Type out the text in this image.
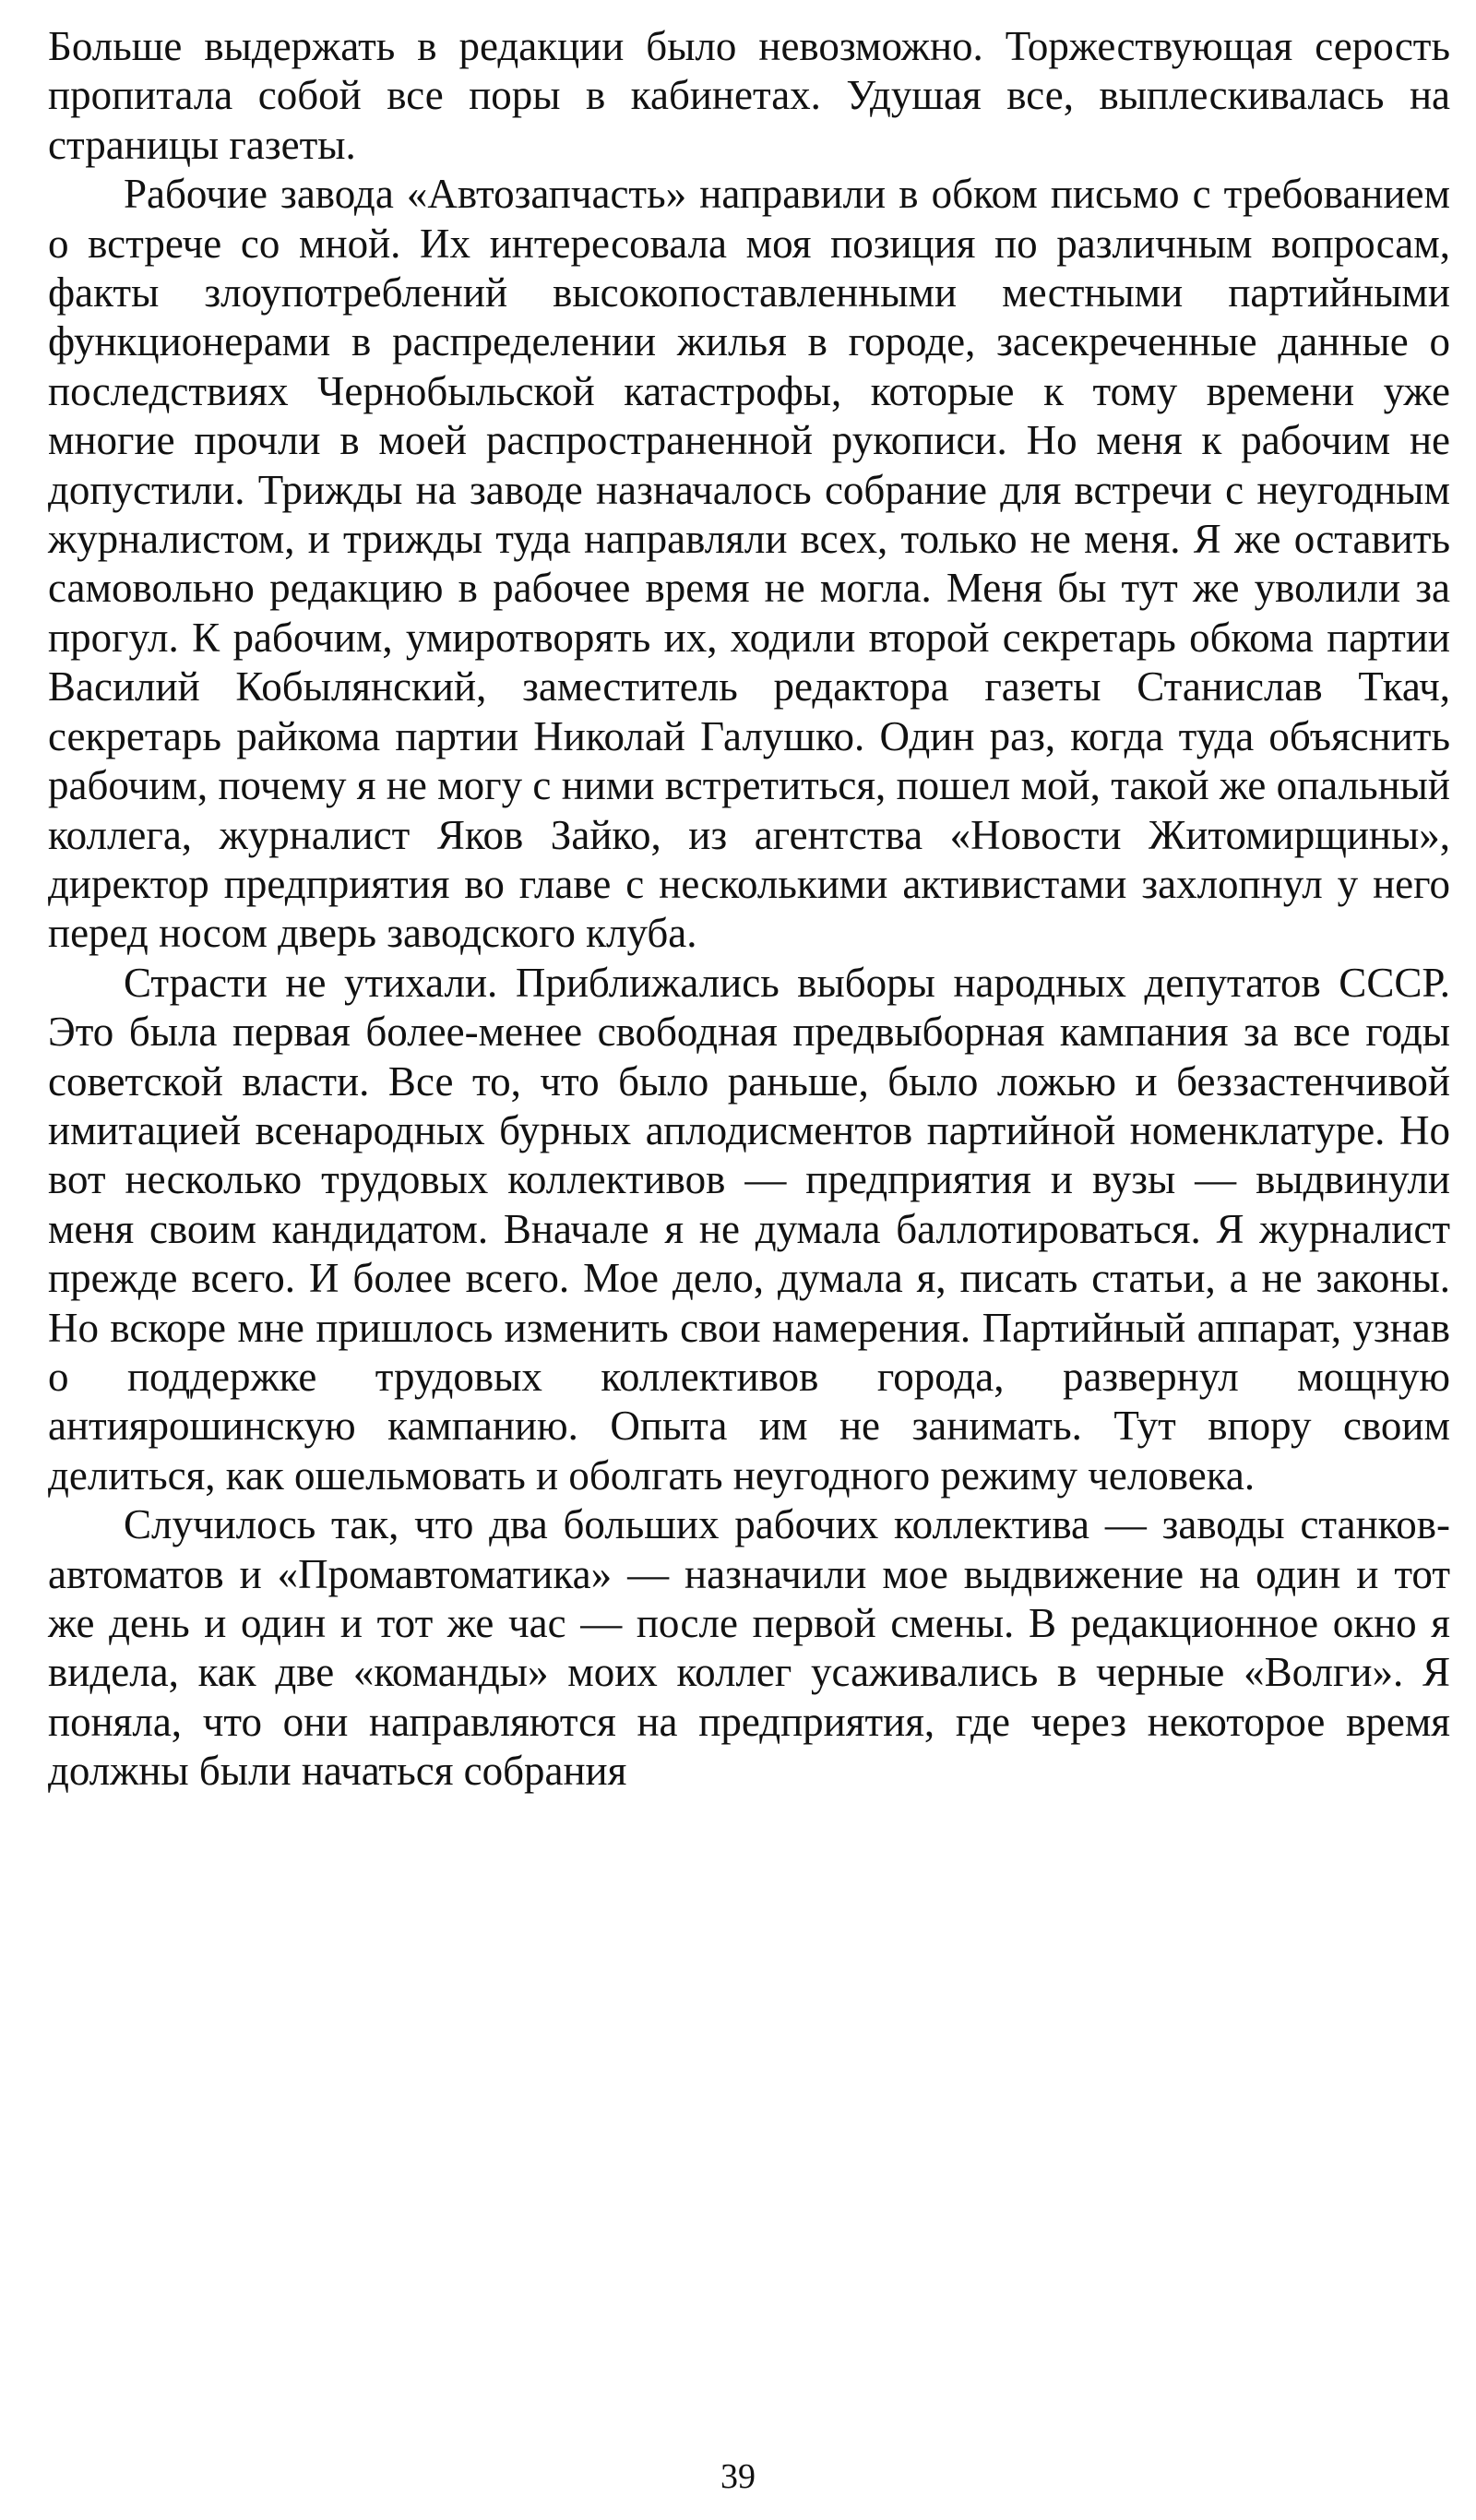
Больше выдержать в редакции было невозможно. Торжествующая серость пропитала собой все поры в кабинетах. Удушая все, выплескивалась на страницы газеты.

Рабочие завода «Автозапчасть» направили в обком письмо с требованием о встрече со мной. Их интересовала моя позиция по различным вопросам, факты злоупотреблений высокопоставленными местными партийными функционерами в распределении жилья в городе, засекреченные данные о последствиях Чернобыльской катастрофы, которые к тому времени уже многие прочли в моей распространенной рукописи. Но меня к рабочим не допустили. Трижды на заводе назначалось собрание для встречи с неугодным журналистом, и трижды туда направляли всех, только не меня. Я же оставить самовольно редакцию в рабочее время не могла. Меня бы тут же уволили за прогул. К рабочим, умиротворять их, ходили второй секретарь обкома партии Василий Кобылянский, заместитель редактора газеты Станислав Ткач, секретарь райкома партии Николай Галушко. Один раз, когда туда объяснить рабочим, почему я не могу с ними встретиться, пошел мой, такой же опальный коллега, журналист Яков Зайко, из агентства «Новости Житомирщины», директор предприятия во главе с несколькими активистами захлопнул у него перед носом дверь заводского клуба.

Страсти не утихали. Приближались выборы народных депутатов СССР. Это была первая более-менее свободная предвыборная кампания за все годы советской власти. Все то, что было раньше, было ложью и беззастенчивой имитацией всенародных бурных аплодисментов партийной номенклатуре. Но вот несколько трудовых коллективов — предприятия и вузы — выдвинули меня своим кандидатом. Вначале я не думала баллотироваться. Я журналист прежде всего. И более всего. Мое дело, думала я, писать статьи, а не законы. Но вскоре мне пришлось изменить свои намерения. Партийный аппарат, узнав о поддержке трудовых коллективов города, развернул мощную антиярошинскую кампанию. Опыта им не занимать. Тут впору своим делиться, как ошельмовать и оболгать неугодного режиму человека.

Случилось так, что два больших рабочих коллектива — заводы станков-автоматов и «Промавтоматика» — назначили мое выдвижение на один и тот же день и один и тот же час — после первой смены. В редакционное окно я видела, как две «команды» моих коллег усаживались в черные «Волги». Я поняла, что они направляются на предприятия, где через некоторое время должны были начаться собрания

39
